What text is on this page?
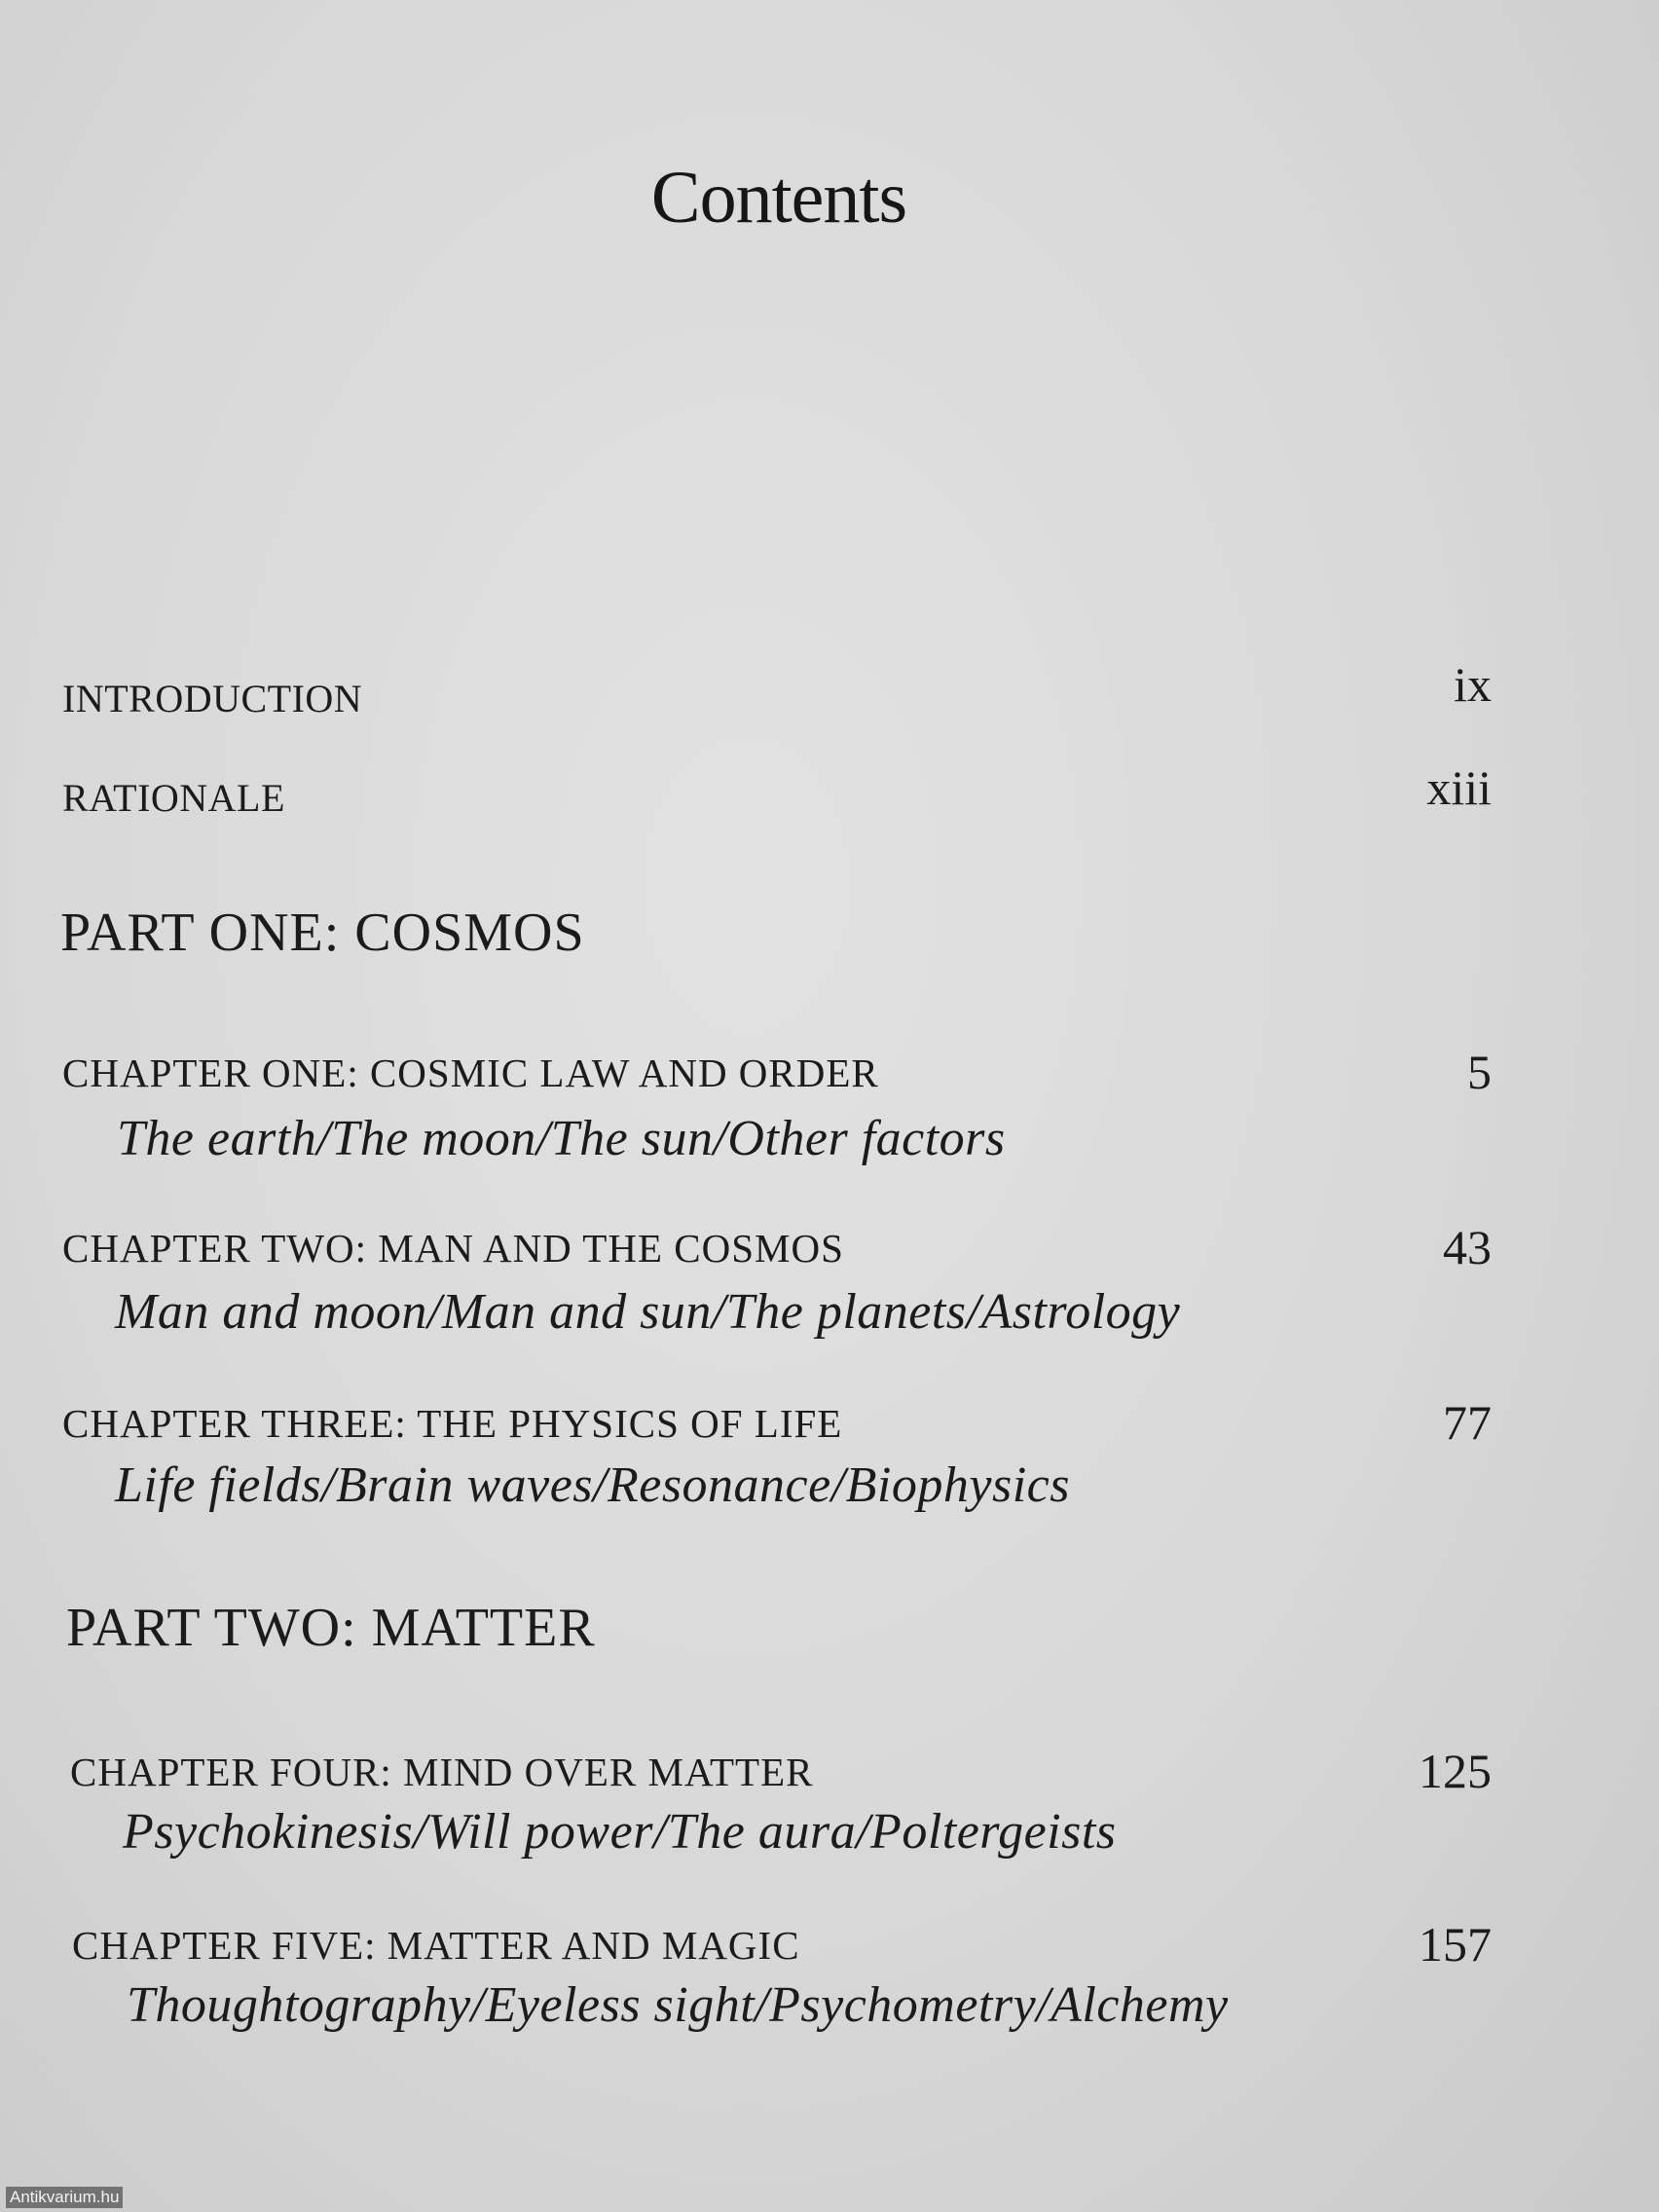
Contents
INTRODUCTION	ix
RATIONALE	xiii
PART ONE: COSMOS
CHAPTER ONE: COSMIC LAW AND ORDER	5
The earth/The moon/The sun/Other factors
CHAPTER TWO: MAN AND THE COSMOS	43
Man and moon/Man and sun/The planets/Astrology
CHAPTER THREE: THE PHYSICS OF LIFE	77
Life fields/Brain waves/Resonance/Biophysics
PART TWO: MATTER
CHAPTER FOUR: MIND OVER MATTER	125
Psychokinesis/Will power/The aura/Poltergeists
CHAPTER FIVE: MATTER AND MAGIC	157
Thoughtography/Eyeless sight/Psychometry/Alchemy
Antikvarium.hu
